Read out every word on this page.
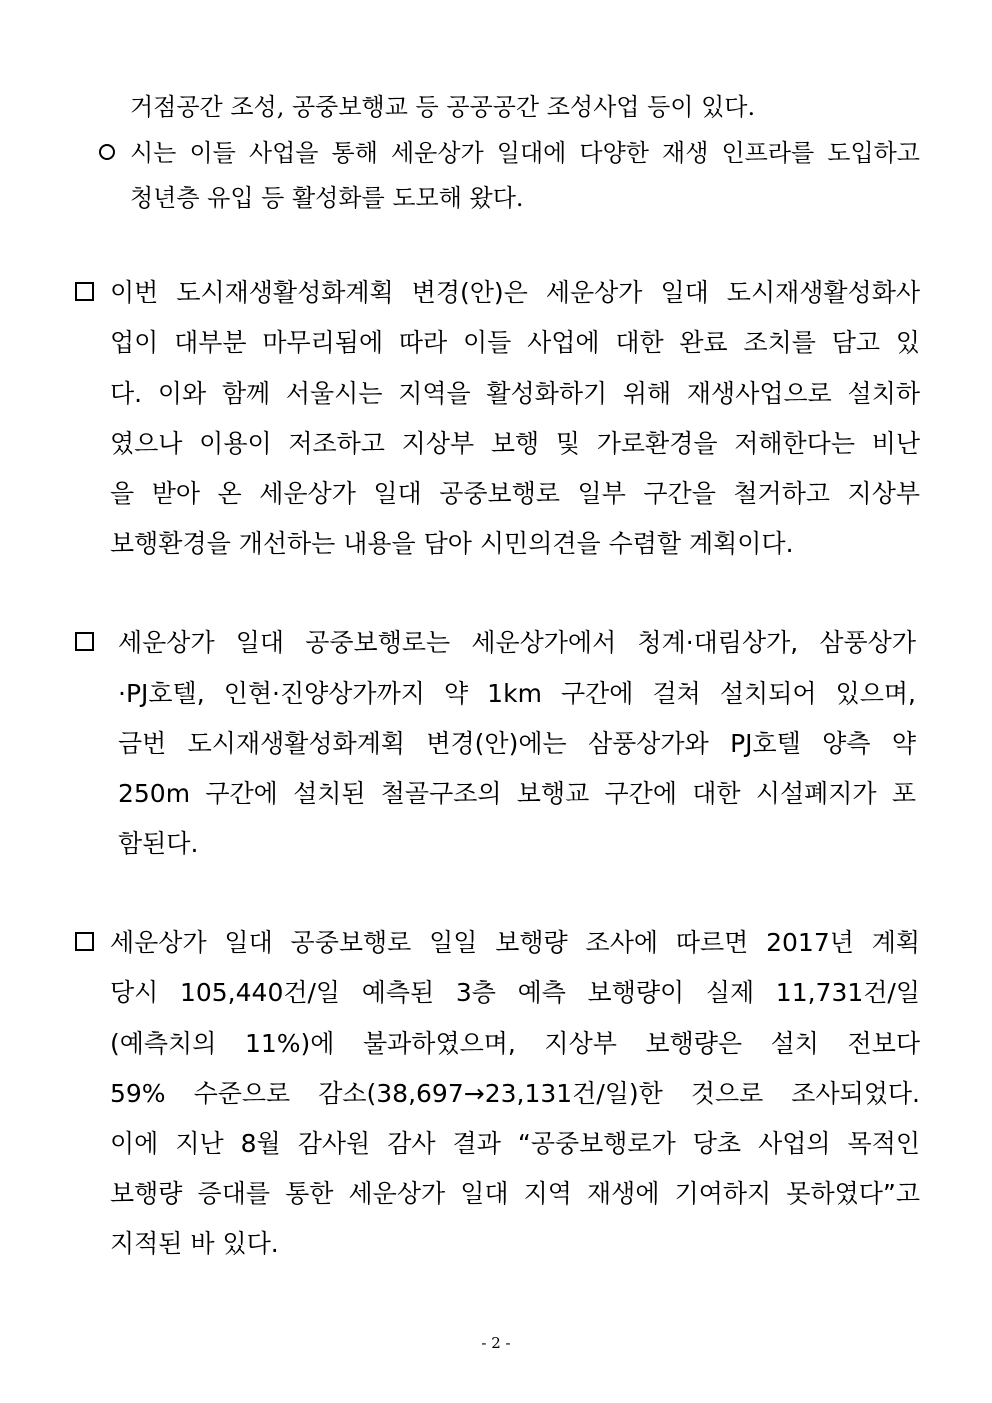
거점공간 조성, 공중보행교 등 공공공간 조성사업 등이 있다.
시는 이들 사업을 통해 세운상가 일대에 다양한 재생 인프라를 도입하고
청년층 유입 등 활성화를 도모해 왔다.
이번 도시재생활성화계획 변경(안)은 세운상가 일대 도시재생활성화사
업이 대부분 마무리됨에 따라 이들 사업에 대한 완료 조치를 담고 있
다. 이와 함께 서울시는 지역을 활성화하기 위해 재생사업으로 설치하
였으나 이용이 저조하고 지상부 보행 및 가로환경을 저해한다는 비난
을 받아 온 세운상가 일대 공중보행로 일부 구간을 철거하고 지상부
보행환경을 개선하는 내용을 담아 시민의견을 수렴할 계획이다.
세운상가 일대 공중보행로는 세운상가에서 청계·대림상가, 삼풍상가
·PJ호텔, 인현·진양상가까지 약 1km 구간에 걸쳐 설치되어 있으며,
금번 도시재생활성화계획 변경(안)에는 삼풍상가와 PJ호텔 양측 약
250m 구간에 설치된 철골구조의 보행교 구간에 대한 시설폐지가 포
함된다.
세운상가 일대 공중보행로 일일 보행량 조사에 따르면 2017년 계획
당시 105,440건/일 예측된 3층 예측 보행량이 실제 11,731건/일
(예측치의 11%)에 불과하였으며, 지상부 보행량은 설치 전보다
59% 수준으로 감소(38,697→23,131건/일)한 것으로 조사되었다.
이에 지난 8월 감사원 감사 결과 “공중보행로가 당초 사업의 목적인
보행량 증대를 통한 세운상가 일대 지역 재생에 기여하지 못하였다”고
지적된 바 있다.
- 2 -
